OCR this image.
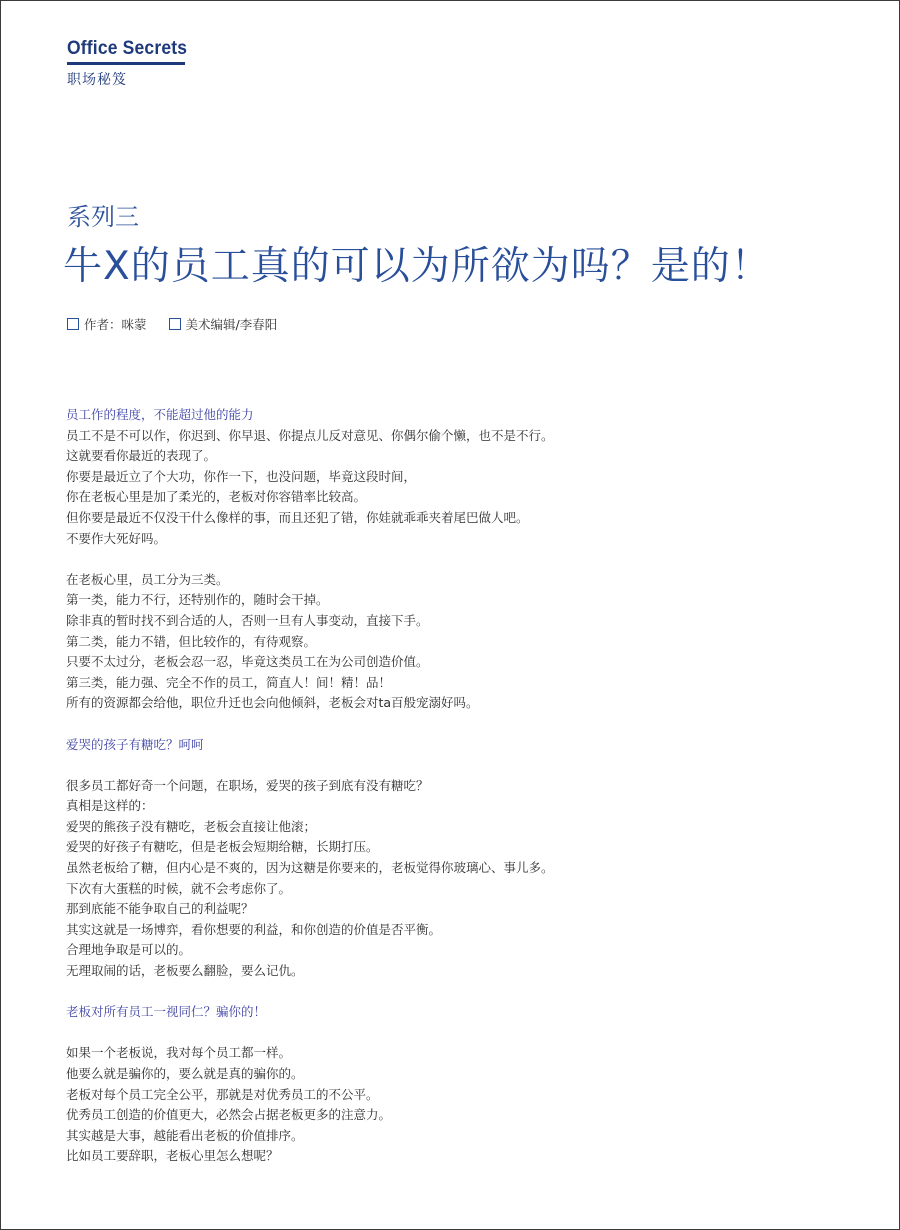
Office Secrets
职场秘笈
系列三
牛X的员工真的可以为所欲为吗？是的！
作者：咪蒙	美术编辑/李春阳
员工作的程度，不能超过他的能力
员工不是不可以作，你迟到、你早退、你提点儿反对意见、你偶尔偷个懒，也不是不行。
这就要看你最近的表现了。
你要是最近立了个大功，你作一下，也没问题，毕竟这段时间，
你在老板心里是加了柔光的，老板对你容错率比较高。
但你要是最近不仅没干什么像样的事，而且还犯了错，你娃就乖乖夹着尾巴做人吧。
不要作大死好吗。
在老板心里，员工分为三类。
第一类，能力不行，还特别作的，随时会干掉。
除非真的暂时找不到合适的人，否则一旦有人事变动，直接下手。
第二类，能力不错，但比较作的，有待观察。
只要不太过分，老板会忍一忍，毕竟这类员工在为公司创造价值。
第三类，能力强、完全不作的员工，简直人！间！精！品！
所有的资源都会给他，职位升迁也会向他倾斜，老板会对ta百般宠溺好吗。
爱哭的孩子有糖吃？呵呵
很多员工都好奇一个问题，在职场，爱哭的孩子到底有没有糖吃？
真相是这样的：
爱哭的熊孩子没有糖吃，老板会直接让他滚；
爱哭的好孩子有糖吃，但是老板会短期给糖，长期打压。
虽然老板给了糖，但内心是不爽的，因为这糖是你要来的，老板觉得你玻璃心、事儿多。
下次有大蛋糕的时候，就不会考虑你了。
那到底能不能争取自己的利益呢？
其实这就是一场博弈，看你想要的利益，和你创造的价值是否平衡。
合理地争取是可以的。
无理取闹的话，老板要么翻脸，要么记仇。
老板对所有员工一视同仁？骗你的！
如果一个老板说，我对每个员工都一样。
他要么就是骗你的，要么就是真的骗你的。
老板对每个员工完全公平，那就是对优秀员工的不公平。
优秀员工创造的价值更大，必然会占据老板更多的注意力。
其实越是大事，越能看出老板的价值排序。
比如员工要辞职，老板心里怎么想呢？
